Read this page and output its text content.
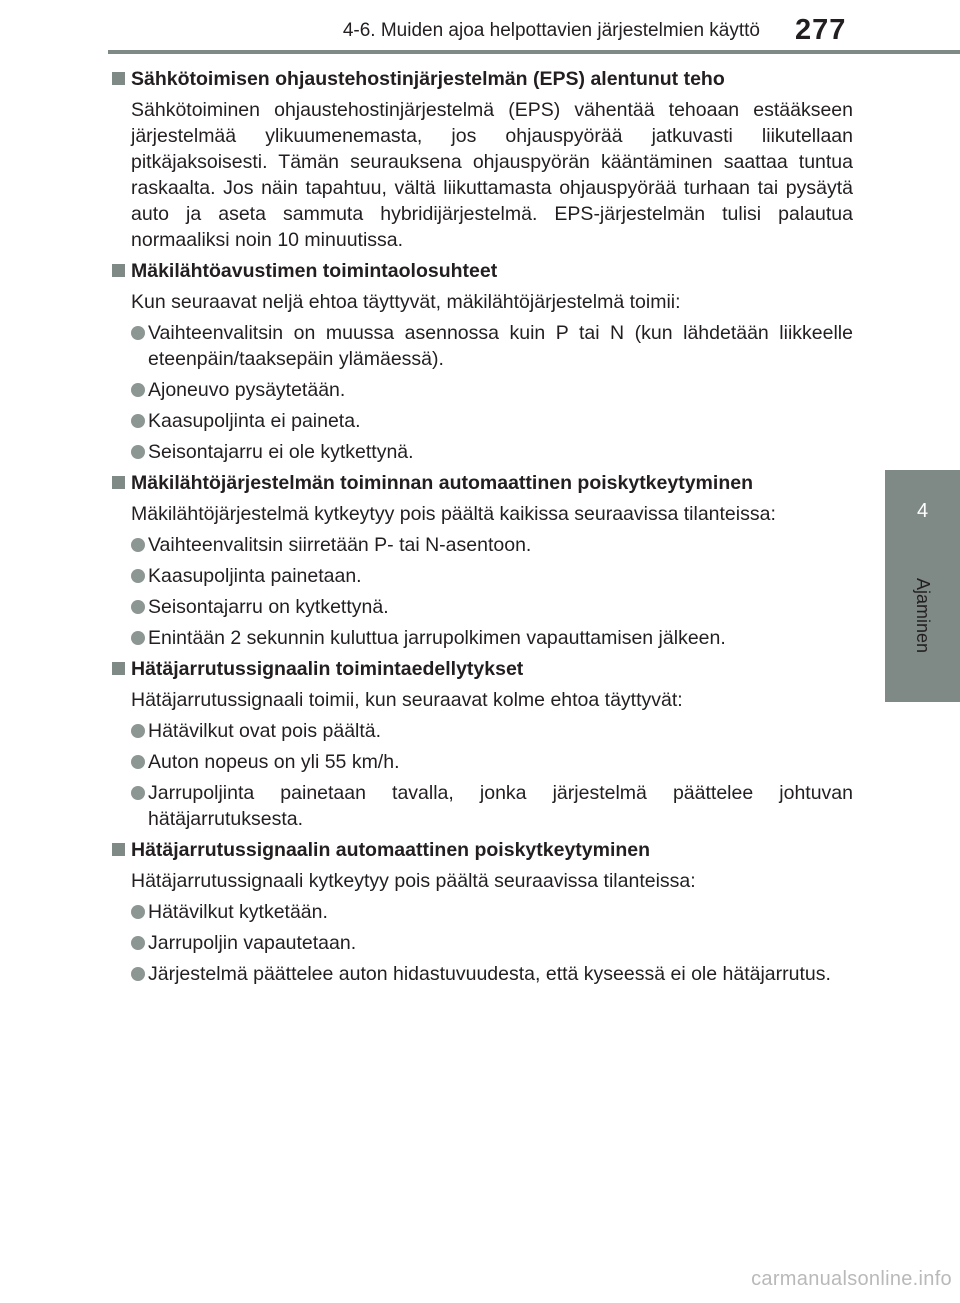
4-6. Muiden ajoa helpottavien järjestelmien käyttö 277
4
Ajaminen
Sähkötoimisen ohjaustehostinjärjestelmän (EPS) alentunut teho
Sähkötoiminen ohjaustehostinjärjestelmä (EPS) vähentää tehoaan estääkseen järjestelmää ylikuumenemasta, jos ohjauspyörää jatkuvasti liikutellaan pitkäjaksoisesti. Tämän seurauksena ohjauspyörän kääntäminen saattaa tuntua raskaalta. Jos näin tapahtuu, vältä liikuttamasta ohjauspyörää turhaan tai pysäytä auto ja aseta sammuta hybridijärjestelmä. EPS-järjestelmän tulisi palautua normaaliksi noin 10 minuutissa.
Mäkilähtöavustimen toimintaolosuhteet
Kun seuraavat neljä ehtoa täyttyvät, mäkilähtöjärjestelmä toimii:
Vaihteenvalitsin on muussa asennossa kuin P tai N (kun lähdetään liikkeelle eteenpäin/taaksepäin ylämäessä).
Ajoneuvo pysäytetään.
Kaasupoljinta ei paineta.
Seisontajarru ei ole kytkettynä.
Mäkilähtöjärjestelmän toiminnan automaattinen poiskytkeytyminen
Mäkilähtöjärjestelmä kytkeytyy pois päältä kaikissa seuraavissa tilanteissa:
Vaihteenvalitsin siirretään P- tai N-asentoon.
Kaasupoljinta painetaan.
Seisontajarru on kytkettynä.
Enintään 2 sekunnin kuluttua jarrupolkimen vapauttamisen jälkeen.
Hätäjarrutussignaalin toimintaedellytykset
Hätäjarrutussignaali toimii, kun seuraavat kolme ehtoa täyttyvät:
Hätävilkut ovat pois päältä.
Auton nopeus on yli 55 km/h.
Jarrupoljinta painetaan tavalla, jonka järjestelmä päättelee johtuvan hätäjarrutuksesta.
Hätäjarrutussignaalin automaattinen poiskytkeytyminen
Hätäjarrutussignaali kytkeytyy pois päältä seuraavissa tilanteissa:
Hätävilkut kytketään.
Jarrupoljin vapautetaan.
Järjestelmä päättelee auton hidastuvuudesta, että kyseessä ei ole hätäjarrutus.
carmanualsonline.info
